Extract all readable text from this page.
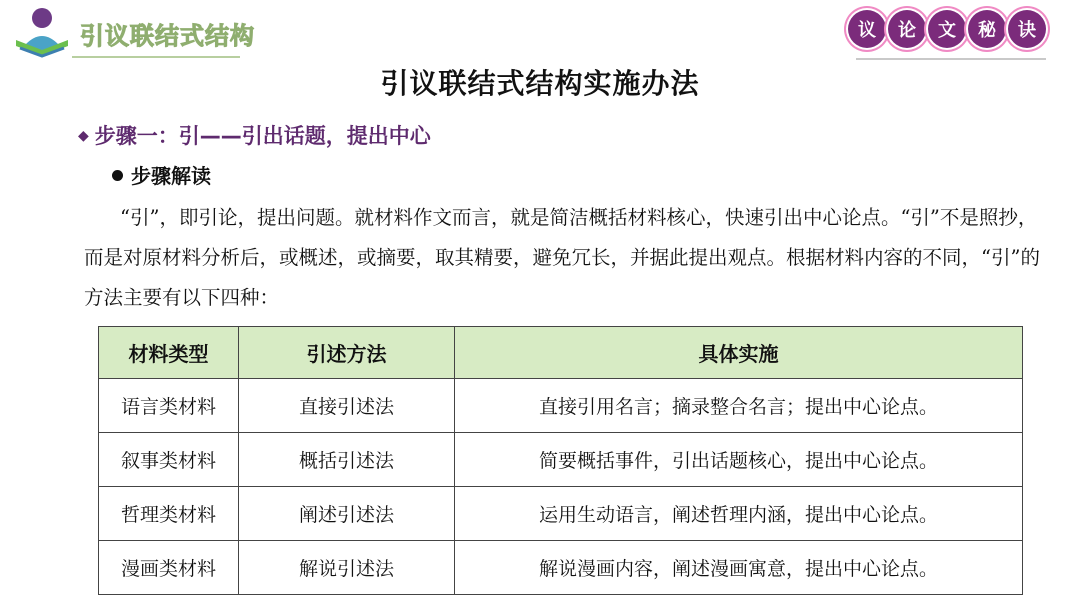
引议联结式结构	议	论	文	秘	诀
引议联结式结构实施办法
◆ 步骤一：引——引出话题，提出中心
步骤解读
“引”，即引论，提出问题。就材料作文而言，就是简洁概括材料核心，快速引出中心论点。“引”不是照抄，而是对原材料分析后，或概述，或摘要，取其精要，避免冗长，并据此提出观点。根据材料内容的不同，“引”的方法主要有以下四种：
材料类型	引述方法	具体实施
语言类材料	直接引述法	直接引用名言；摘录整合名言；提出中心论点。
叙事类材料	概括引述法	简要概括事件，引出话题核心，提出中心论点。
哲理类材料	阐述引述法	运用生动语言，阐述哲理内涵，提出中心论点。
漫画类材料	解说引述法	解说漫画内容，阐述漫画寓意，提出中心论点。
